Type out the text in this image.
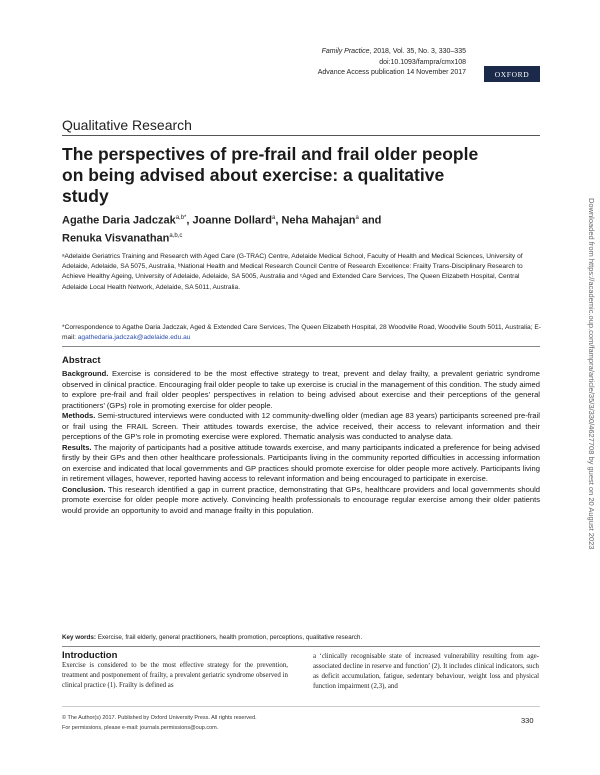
Family Practice, 2018, Vol. 35, No. 3, 330–335
doi:10.1093/fampra/cmx108
Advance Access publication 14 November 2017	OXFORD
Qualitative Research
The perspectives of pre-frail and frail older people on being advised about exercise: a qualitative study
Agathe Daria Jadczak$^{a,b*}$, Joanne Dollard$^a$, Neha Mahajan$^a$ and
Renuka Visvanathan$^{a,b,c}$
ᵃAdelaide Geriatrics Training and Research with Aged Care (G-TRAC) Centre, Adelaide Medical School, Faculty of Health and Medical Sciences, University of Adelaide, Adelaide, SA 5075, Australia, ᵇNational Health and Medical Research Council Centre of Research Excellence: Frailty Trans-Disciplinary Research to Achieve Healthy Ageing, University of Adelaide, Adelaide, SA 5005, Australia and ᶜAged and Extended Care Services, The Queen Elizabeth Hospital, Central Adelaide Local Health Network, Adelaide, SA 5011, Australia.
*Correspondence to Agathe Daria Jadczak, Aged & Extended Care Services, The Queen Elizabeth Hospital, 28 Woodville Road, Woodville South 5011, Australia; E-mail: agathedaria.jadczak@adelaide.edu.au
Abstract

Background. Exercise is considered to be the most effective strategy to treat, prevent and delay frailty, a prevalent geriatric syndrome observed in clinical practice. Encouraging frail older people to take up exercise is crucial in the management of this condition. The study aimed to explore pre-frail and frail older peoples’ perspectives in relation to being advised about exercise and their perceptions of the general practitioners’ (GPs) role in promoting exercise for older people.

Methods. Semi-structured interviews were conducted with 12 community-dwelling older (median age 83 years) participants screened pre-frail or frail using the FRAIL Screen. Their attitudes towards exercise, the advice received, their access to relevant information and their perceptions of the GP’s role in promoting exercise were explored. Thematic analysis was conducted to analyse data.

Results. The majority of participants had a positive attitude towards exercise, and many participants indicated a preference for being advised firstly by their GPs and then other healthcare professionals. Participants living in the community reported difficulties in accessing information on exercise and indicated that local governments and GP practices should promote exercise for older people more actively. Participants living in retirement villages, however, reported having access to relevant information and being encouraged to participate in exercise.

Conclusion. This research identified a gap in current practice, demonstrating that GPs, healthcare providers and local governments should promote exercise for older people more actively. Convincing health professionals to encourage regular exercise among their older patients would provide an opportunity to avoid and manage frailty in this population.

Key words: Exercise, frail elderly, general practitioners, health promotion, perceptions, qualitative research.
Introduction
Exercise is considered to be the most effective strategy for the prevention, treatment and postponement of frailty, a prevalent geriatric syndrome observed in clinical practice (1). Frailty is defined as
a ‘clinically recognisable state of increased vulnerability resulting from age-associated decline in reserve and function’ (2). It includes clinical indicators, such as deficit accumulation, fatigue, sedentary behaviour, weight loss and physical function impairment (2,3), and
© The Author(s) 2017. Published by Oxford University Press. All rights reserved.
For permissions, please e-mail: journals.permissions@oup.com.
330
Downloaded from https://academic.oup.com/fampra/article/35/3/330/4627708 by guest on 20 August 2023
